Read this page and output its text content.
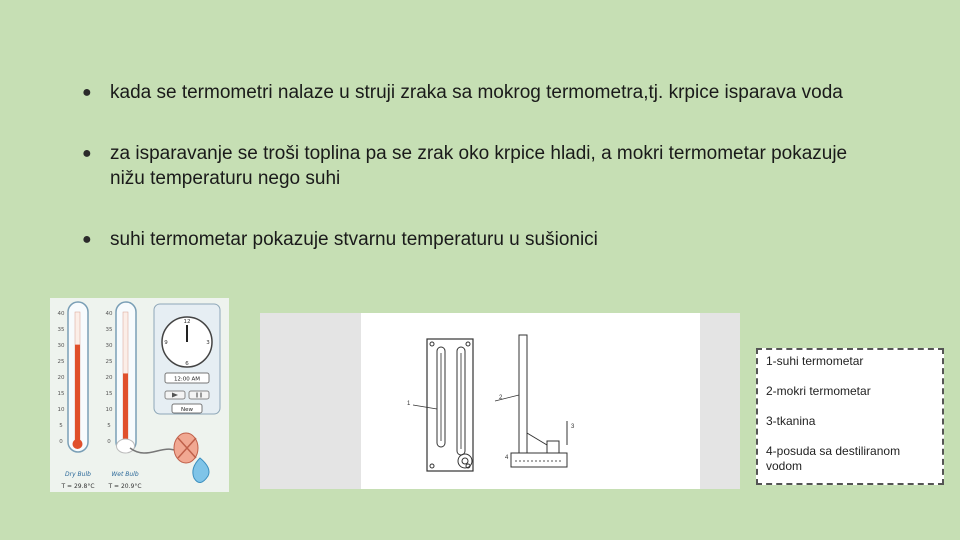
● kada se termometri nalaze u struji zraka sa mokrog termometra,tj. krpice isparava voda
● za isparavanje se troši toplina pa se zrak oko krpice hladi, a mokri termometar pokazuje nižu temperaturu nego suhi
● suhi termometar pokazuje stvarnu temperaturu u sušionici
40
35
30
25
20
15
10
5
0
40
35
30
25
20
15
10
5
0
Dry Bulb	Wet Bulb
T = 29.8°C T = 20.9°C
12
3
6
9
12:00 AM
New
1
2
3
4
1-suhi termometar
2-mokri termometar
3-tkanina
4-posuda sa destiliranom vodom
